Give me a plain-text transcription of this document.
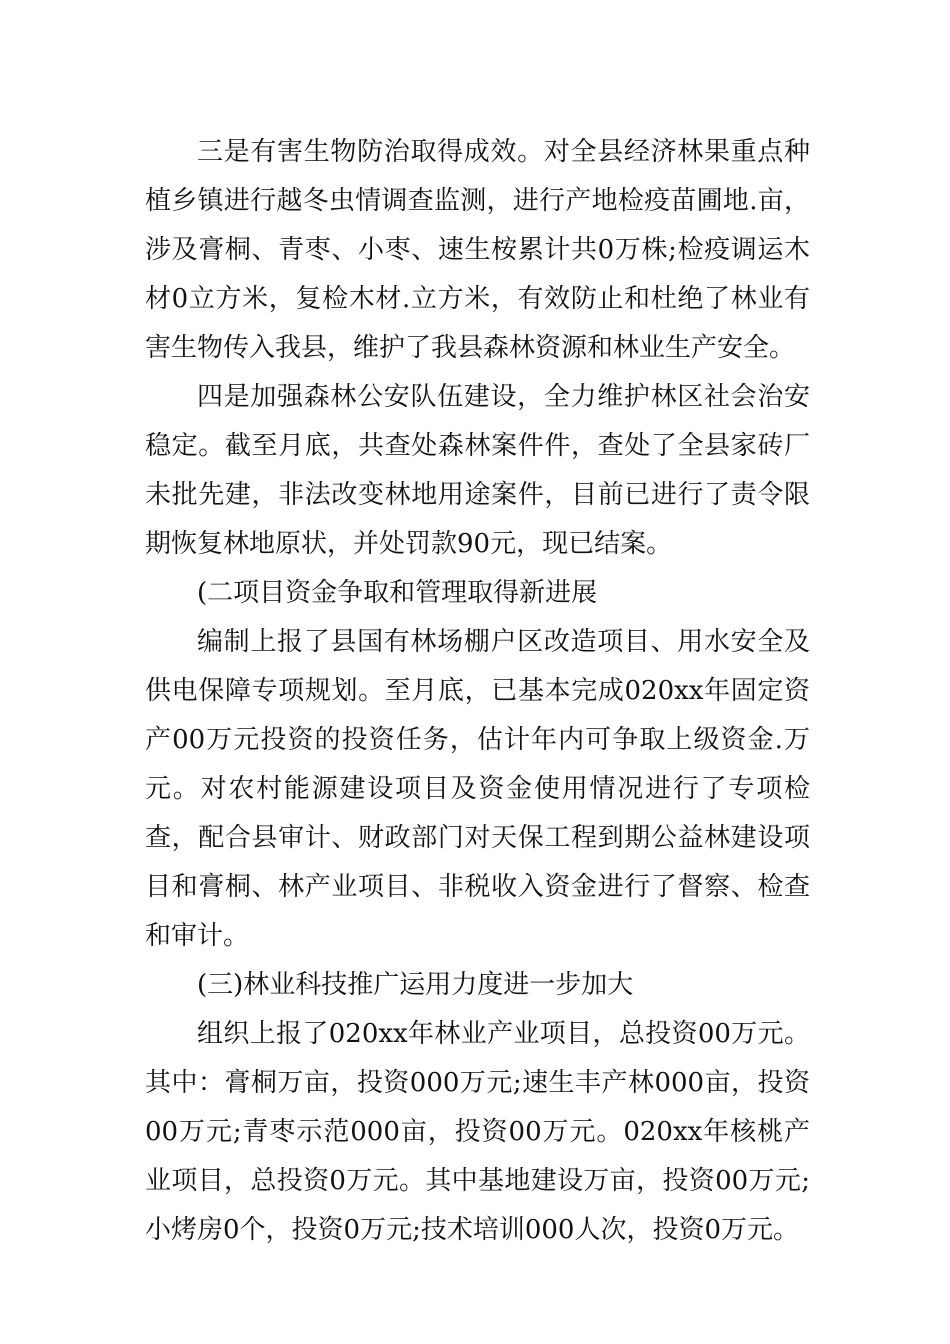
三是有害生物防治取得成效。对全县经济林果重点种植乡镇进行越冬虫情调查监测，进行产地检疫苗圃地.亩，涉及膏桐、青枣、小枣、速生桉累计共0万株;检疫调运木材0立方米，复检木材.立方米，有效防止和杜绝了林业有害生物传入我县，维护了我县森林资源和林业生产安全。

四是加强森林公安队伍建设，全力维护林区社会治安稳定。截至月底，共查处森林案件件，查处了全县家砖厂未批先建，非法改变林地用途案件，目前已进行了责令限期恢复林地原状，并处罚款90元，现已结案。

(二项目资金争取和管理取得新进展

编制上报了县国有林场棚户区改造项目、用水安全及供电保障专项规划。至月底，已基本完成020xx年固定资产00万元投资的投资任务，估计年内可争取上级资金.万元。对农村能源建设项目及资金使用情况进行了专项检查，配合县审计、财政部门对天保工程到期公益林建设项目和膏桐、林产业项目、非税收入资金进行了督察、检查和审计。

(三)林业科技推广运用力度进一步加大

组织上报了020xx年林业产业项目，总投资00万元。其中：膏桐万亩，投资000万元;速生丰产林000亩，投资00万元;青枣示范000亩，投资00万元。020xx年核桃产业项目，总投资0万元。其中基地建设万亩，投资00万元;小烤房0个，投资0万元;技术培训000人次，投资0万元。
